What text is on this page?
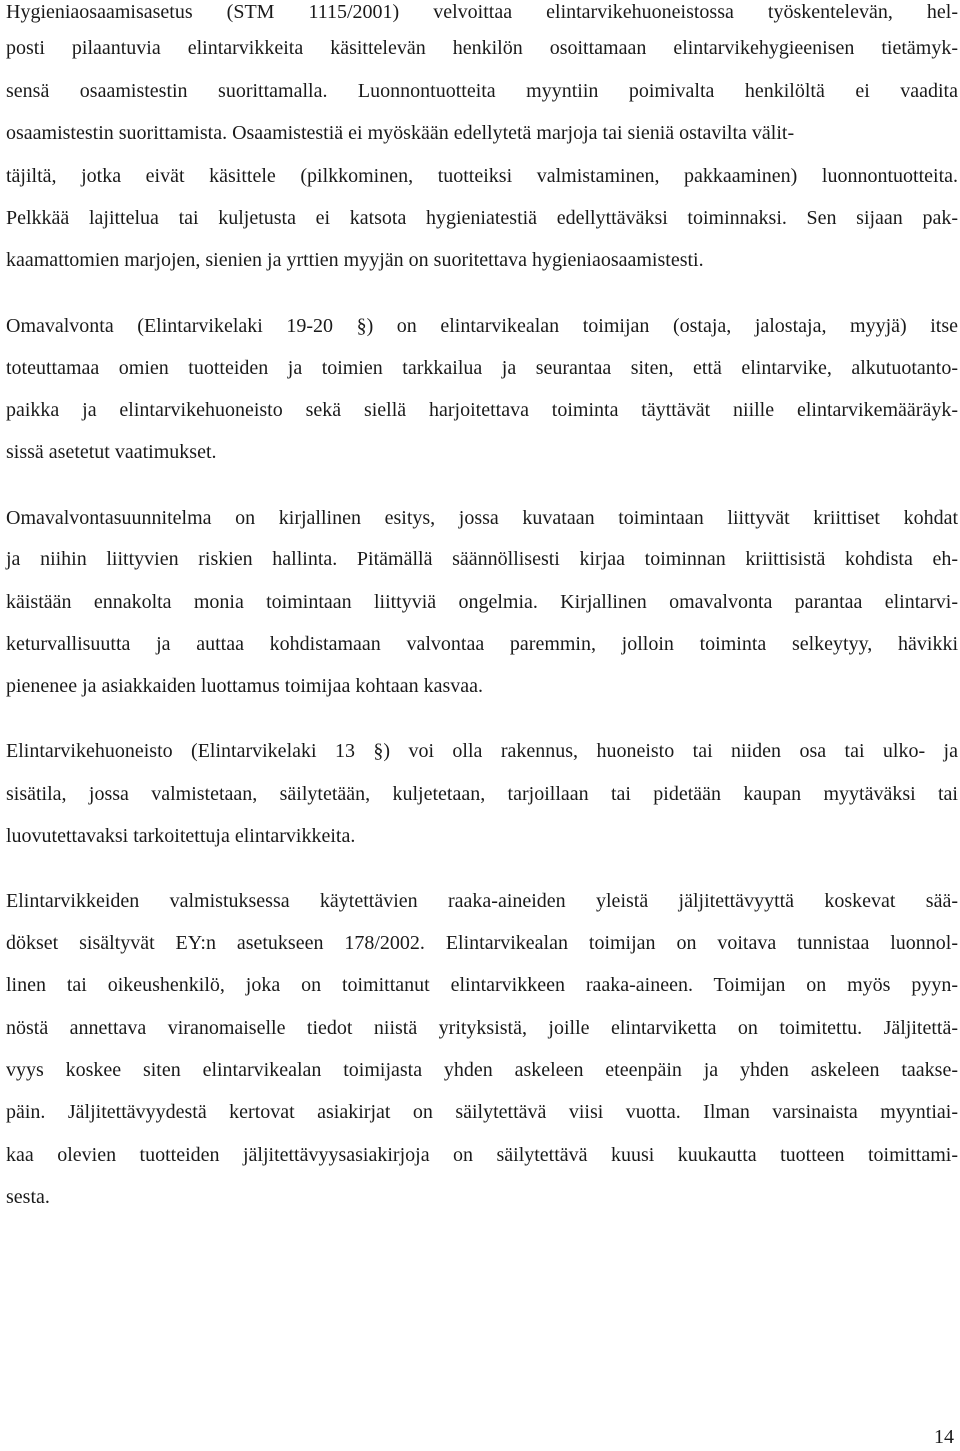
Hygieniaosaamisasetus (STM 1115/2001) velvoittaa elintarvikehuoneistossa työskentelevän, hel-
posti pilaantuvia elintarvikkeita käsittelevän henkilön osoittamaan elintarvikehygieenisen tietämyk-
sensä osaamistestin suorittamalla. Luonnontuotteita myyntiin poimivalta henkilöltä ei vaadita
osaamistestin suorittamista. Osaamistestiä ei myöskään edellytetä marjoja tai sieniä ostavilta välit-
täjiltä, jotka eivät käsittele (pilkkominen, tuotteiksi valmistaminen, pakkaaminen) luonnontuotteita.
Pelkkää lajittelua tai kuljetusta ei katsota hygieniatestiä edellyttäväksi toiminnaksi. Sen sijaan pak-
kaamattomien marjojen, sienien ja yrttien myyjän on suoritettava hygieniaosaamistesti.
Omavalvonta (Elintarvikelaki 19-20 §) on elintarvikealan toimijan (ostaja, jalostaja, myyjä) itse
toteuttamaa omien tuotteiden ja toimien tarkkailua ja seurantaa siten, että elintarvike, alkutuotanto-
paikka ja elintarvikehuoneisto sekä siellä harjoitettava toiminta täyttävät niille elintarvikemääräyk-
sissä asetetut vaatimukset.
Omavalvontasuunnitelma on kirjallinen esitys, jossa kuvataan toimintaan liittyvät kriittiset kohdat
ja niihin liittyvien riskien hallinta. Pitämällä säännöllisesti kirjaa toiminnan kriittisistä kohdista eh-
käistään ennakolta monia toimintaan liittyviä ongelmia. Kirjallinen omavalvonta parantaa elintarvi-
keturvallisuutta ja auttaa kohdistamaan valvontaa paremmin, jolloin toiminta selkeytyy, hävikki
pienenee ja asiakkaiden luottamus toimijaa kohtaan kasvaa.
Elintarvikehuoneisto (Elintarvikelaki 13 §) voi olla rakennus, huoneisto tai niiden osa tai ulko- ja
sisätila, jossa valmistetaan, säilytetään, kuljetetaan, tarjoillaan tai pidetään kaupan myytäväksi tai
luovutettavaksi tarkoitettuja elintarvikkeita.
Elintarvikkeiden valmistuksessa käytettävien raaka-aineiden yleistä jäljitettävyyttä koskevat sää-
dökset sisältyvät EY:n asetukseen 178/2002. Elintarvikealan toimijan on voitava tunnistaa luonnol-
linen tai oikeushenkilö, joka on toimittanut elintarvikkeen raaka-aineen. Toimijan on myös pyyn-
nöstä annettava viranomaiselle tiedot niistä yrityksistä, joille elintarviketta on toimitettu. Jäljitettä-
vyys koskee siten elintarvikealan toimijasta yhden askeleen eteenpäin ja yhden askeleen taakse-
päin. Jäljitettävyydestä kertovat asiakirjat on säilytettävä viisi vuotta. Ilman varsinaista myyntiai-
kaa olevien tuotteiden jäljitettävyysasiakirjoja on säilytettävä kuusi kuukautta tuotteen toimittami-
sesta.
14
